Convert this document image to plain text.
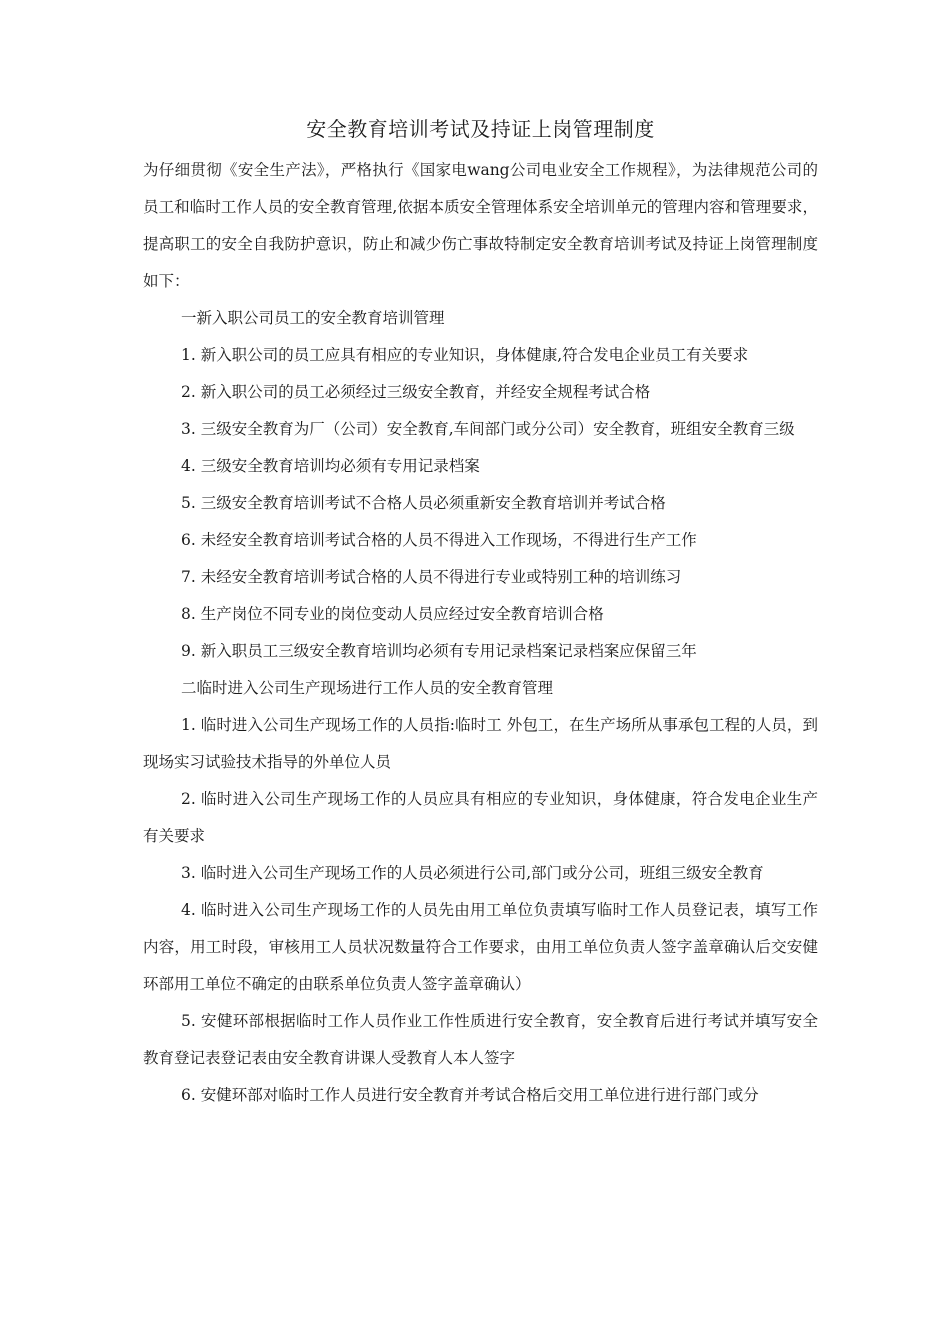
安全教育培训考试及持证上岗管理制度

为仔细贯彻《安全生产法》，严格执行《国家电wang公司电业安全工作规程》，为法律规范公司的员工和临时工作人员的安全教育管理,依据本质安全管理体系安全培训单元的管理内容和管理要求，提高职工的安全自我防护意识，防止和减少伤亡事故特制定安全教育培训考试及持证上岗管理制度如下：

一新入职公司员工的安全教育培训管理

1. 新入职公司的员工应具有相应的专业知识，身体健康,符合发电企业员工有关要求

2. 新入职公司的员工必须经过三级安全教育，并经安全规程考试合格

3. 三级安全教育为厂（公司）安全教育,车间部门或分公司）安全教育，班组安全教育三级

4. 三级安全教育培训均必须有专用记录档案

5. 三级安全教育培训考试不合格人员必须重新安全教育培训并考试合格

6. 未经安全教育培训考试合格的人员不得进入工作现场，不得进行生产工作

7. 未经安全教育培训考试合格的人员不得进行专业或特别工种的培训练习

8. 生产岗位不同专业的岗位变动人员应经过安全教育培训合格

9. 新入职员工三级安全教育培训均必须有专用记录档案记录档案应保留三年

二临时进入公司生产现场进行工作人员的安全教育管理

1. 临时进入公司生产现场工作的人员指:临时工 外包工，在生产场所从事承包工程的人员，到现场实习试验技术指导的外单位人员

2. 临时进入公司生产现场工作的人员应具有相应的专业知识，身体健康，符合发电企业生产有关要求

3. 临时进入公司生产现场工作的人员必须进行公司,部门或分公司，班组三级安全教育

4. 临时进入公司生产现场工作的人员先由用工单位负责填写临时工作人员登记表，填写工作内容，用工时段，审核用工人员状况数量符合工作要求，由用工单位负责人签字盖章确认后交安健环部用工单位不确定的由联系单位负责人签字盖章确认）

5. 安健环部根据临时工作人员作业工作性质进行安全教育，安全教育后进行考试并填写安全教育登记表登记表由安全教育讲课人受教育人本人签字

6. 安健环部对临时工作人员进行安全教育并考试合格后交用工单位进行进行部门或分
